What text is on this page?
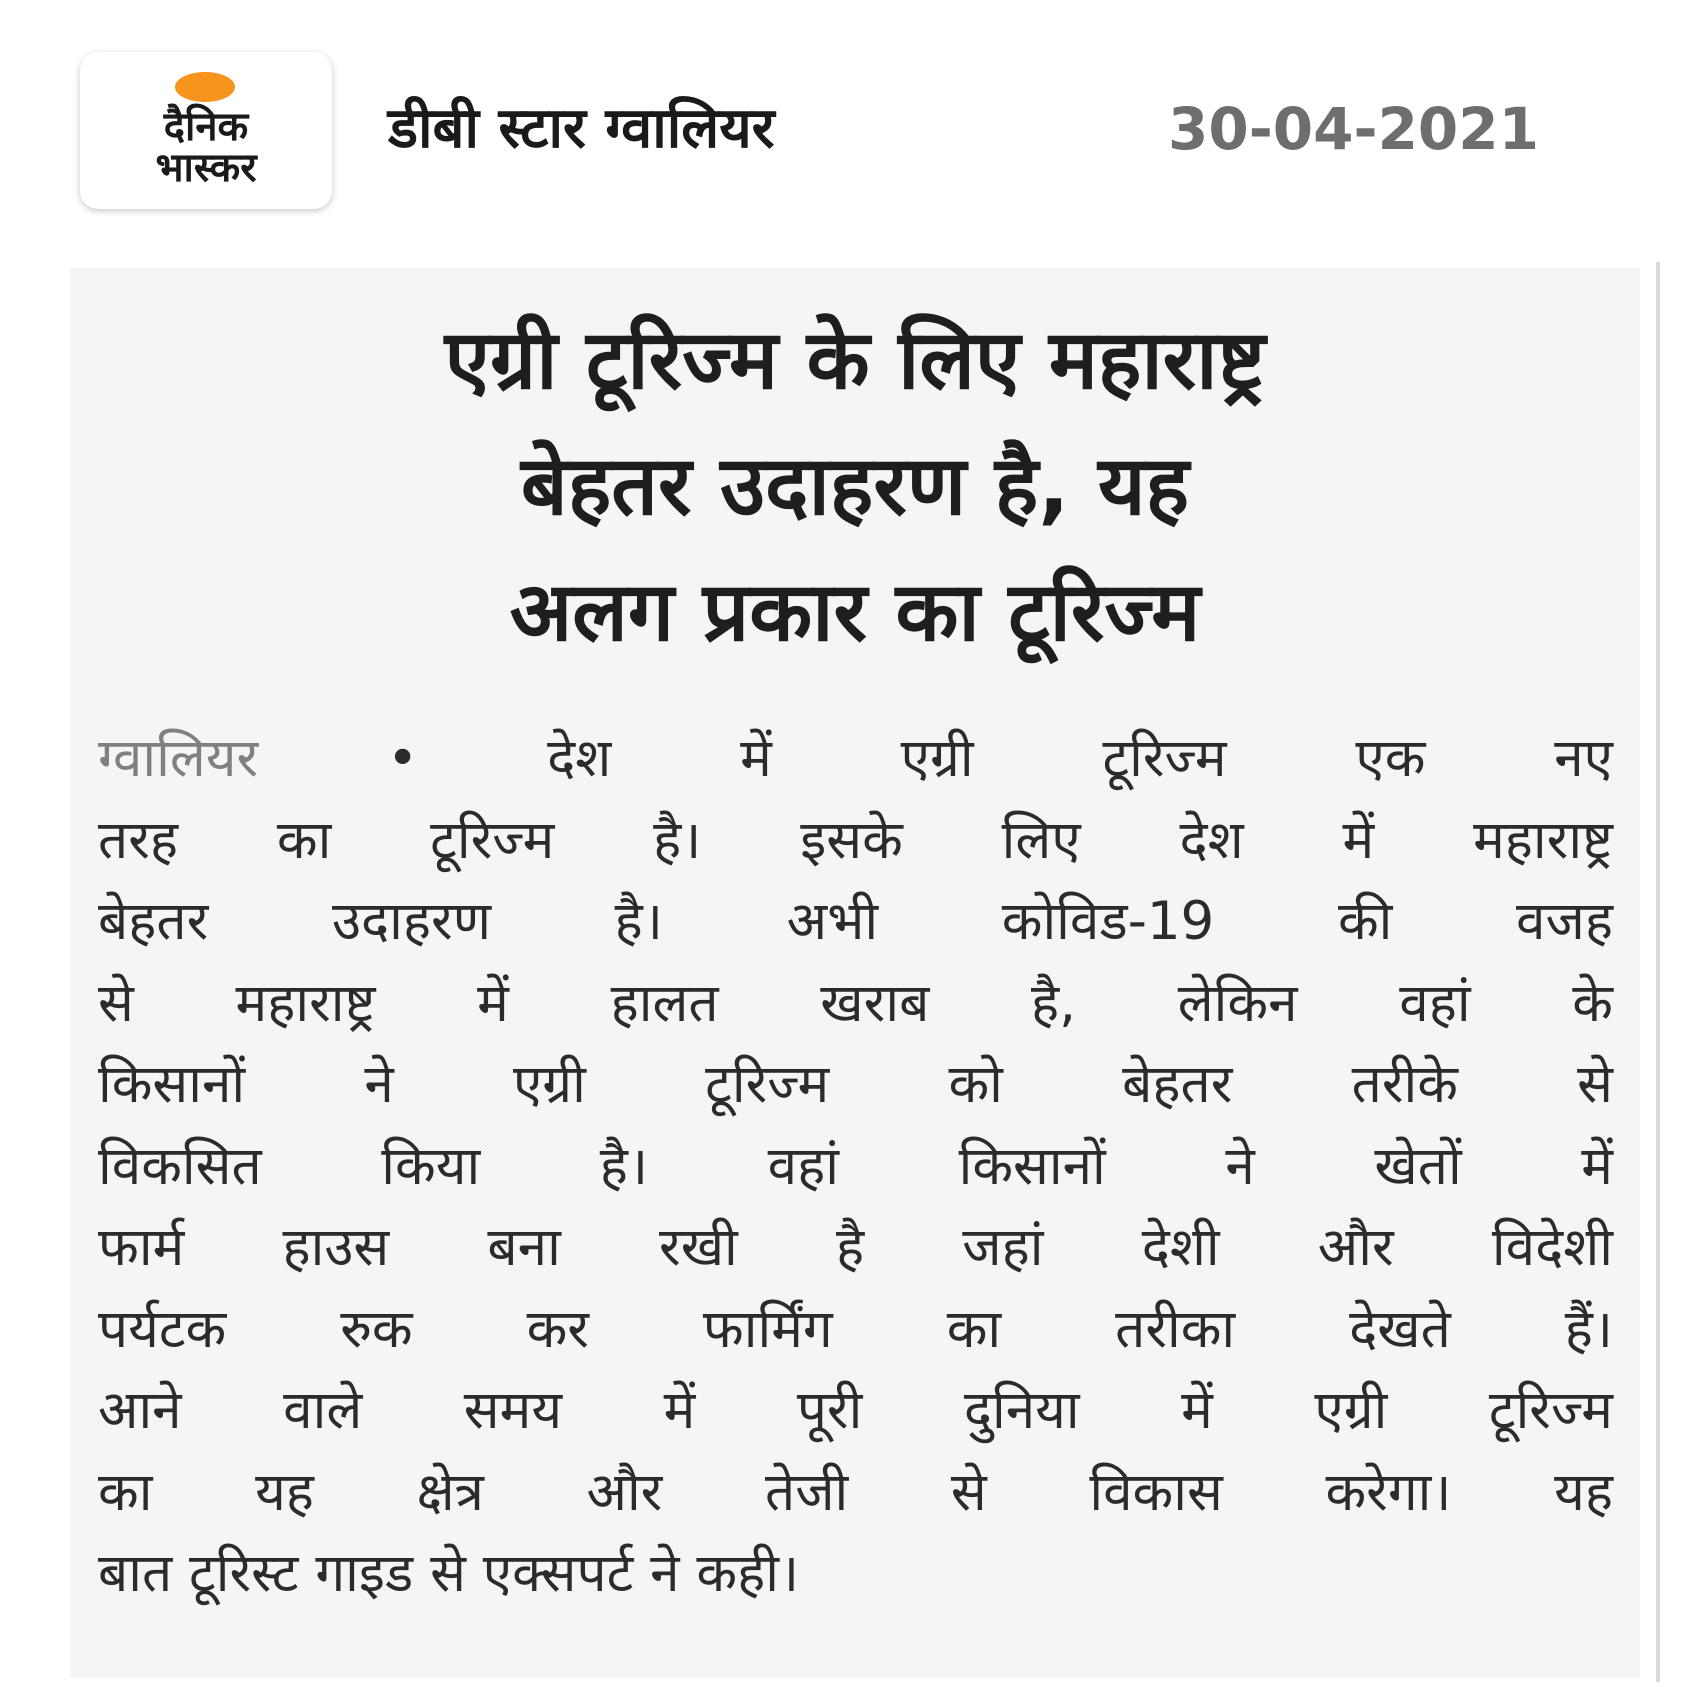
दैनिक
भास्कर
डीबी स्टार ग्वालियर	30-04-2021
एग्री टूरिज्म के लिए महाराष्ट्र
बेहतर उदाहरण है, यह
अलग प्रकार का टूरिज्म
ग्वालियर • देश में एग्री टूरिज्म एक नए
तरह का टूरिज्म है। इसके लिए देश में महाराष्ट्र
बेहतर उदाहरण है। अभी कोविड-19 की वजह
से महाराष्ट्र में हालत खराब है, लेकिन वहां के
किसानों ने एग्री टूरिज्म को बेहतर तरीके से
विकसित किया है। वहां किसानों ने खेतों में
फार्म हाउस बना रखी है जहां देशी और विदेशी
पर्यटक रुक कर फार्मिंग का तरीका देखते हैं।
आने वाले समय में पूरी दुनिया में एग्री टूरिज्म
का यह क्षेत्र और तेजी से विकास करेगा। यह
बात टूरिस्ट गाइड से एक्सपर्ट ने कही।
